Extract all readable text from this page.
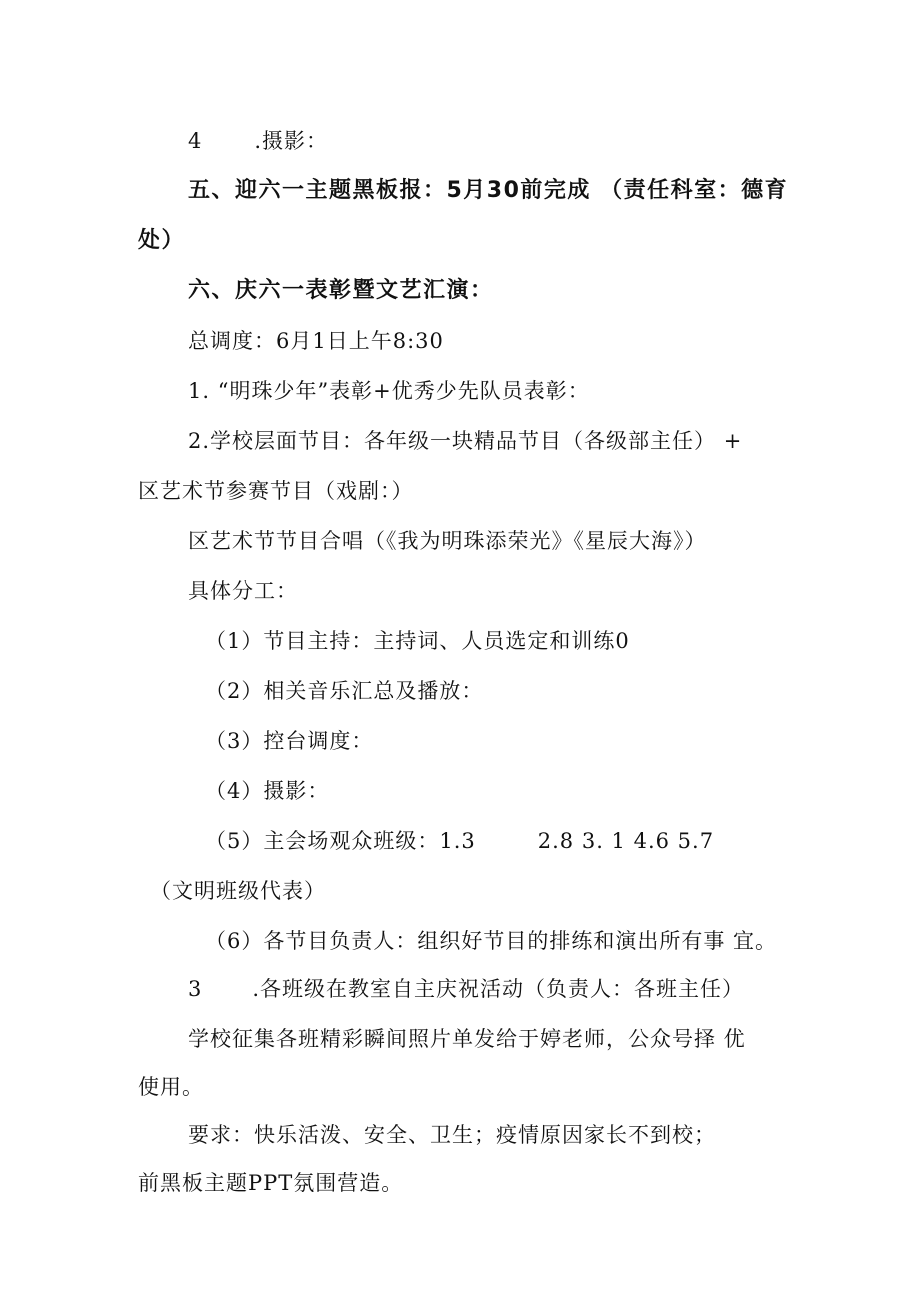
4 .摄影：

五、迎六一主题黑板报：5月30前完成 （责任科室：德育

处）

六、庆六一表彰暨文艺汇演：

总调度：6月1日上午8:30

1. “明珠少年”表彰+优秀少先队员表彰：

2.学校层面节目：各年级一块精品节目（各级部主任） +

区艺术节参赛节目（戏剧：）

区艺术节节目合唱（《我为明珠添荣光》《星辰大海》）

具体分工：

（1）节目主持：主持词、人员选定和训练0

（2）相关音乐汇总及播放：

（3）控台调度：

（4）摄影：

（5）主会场观众班级：1.3	2.8 3. 1 4.6 5.7

（文明班级代表）

（6）各节目负责人：组织好节目的排练和演出所有事 宜。

3 .各班级在教室自主庆祝活动（负责人：各班主任）

学校征集各班精彩瞬间照片单发给于婷老师，公众号择 优

使用。

要求：快乐活泼、安全、卫生；疫情原因家长不到校；

前黑板主题PPT氛围营造。
